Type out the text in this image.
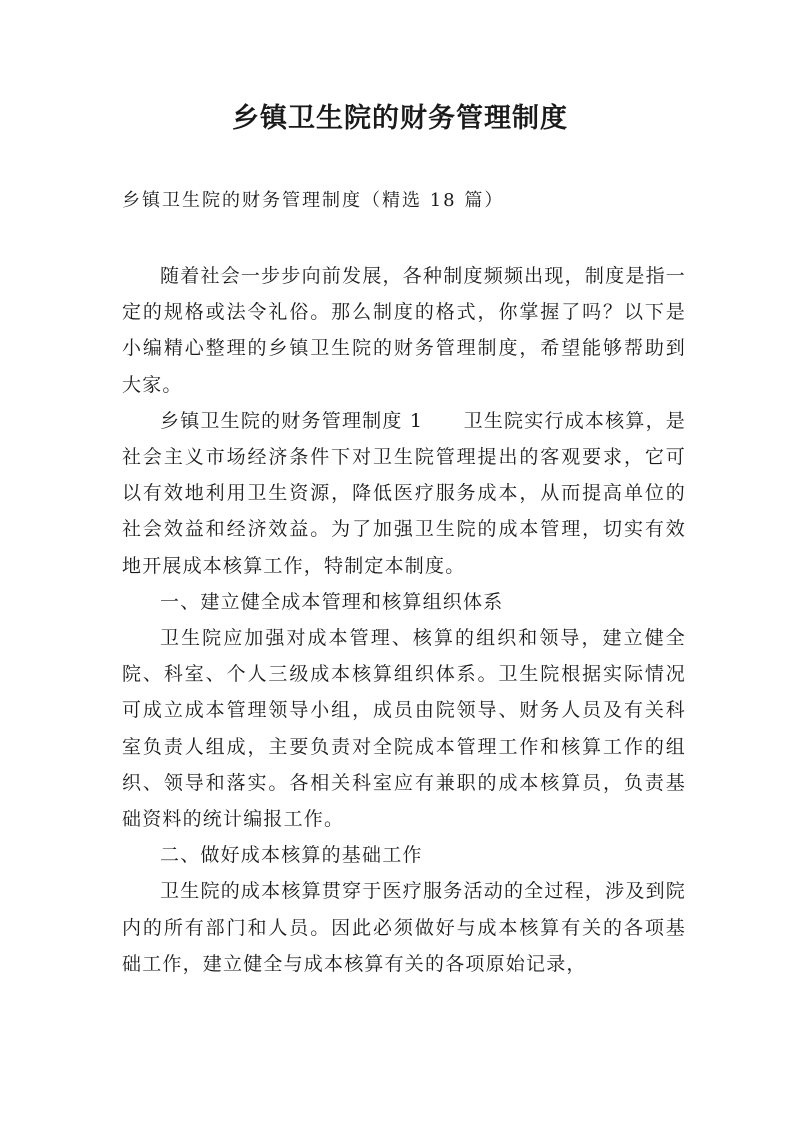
乡镇卫生院的财务管理制度

乡镇卫生院的财务管理制度（精选 18 篇）

随着社会一步步向前发展，各种制度频频出现，制度是指一定的规格或法令礼俗。那么制度的格式，你掌握了吗？以下是小编精心整理的乡镇卫生院的财务管理制度，希望能够帮助到大家。

乡镇卫生院的财务管理制度 1　　卫生院实行成本核算，是社会主义市场经济条件下对卫生院管理提出的客观要求，它可以有效地利用卫生资源，降低医疗服务成本，从而提高单位的社会效益和经济效益。为了加强卫生院的成本管理，切实有效地开展成本核算工作，特制定本制度。

一、建立健全成本管理和核算组织体系

卫生院应加强对成本管理、核算的组织和领导，建立健全院、科室、个人三级成本核算组织体系。卫生院根据实际情况可成立成本管理领导小组，成员由院领导、财务人员及有关科室负责人组成，主要负责对全院成本管理工作和核算工作的组织、领导和落实。各相关科室应有兼职的成本核算员，负责基础资料的统计编报工作。

二、做好成本核算的基础工作

卫生院的成本核算贯穿于医疗服务活动的全过程，涉及到院内的所有部门和人员。因此必须做好与成本核算有关的各项基础工作，建立健全与成本核算有关的各项原始记录，
